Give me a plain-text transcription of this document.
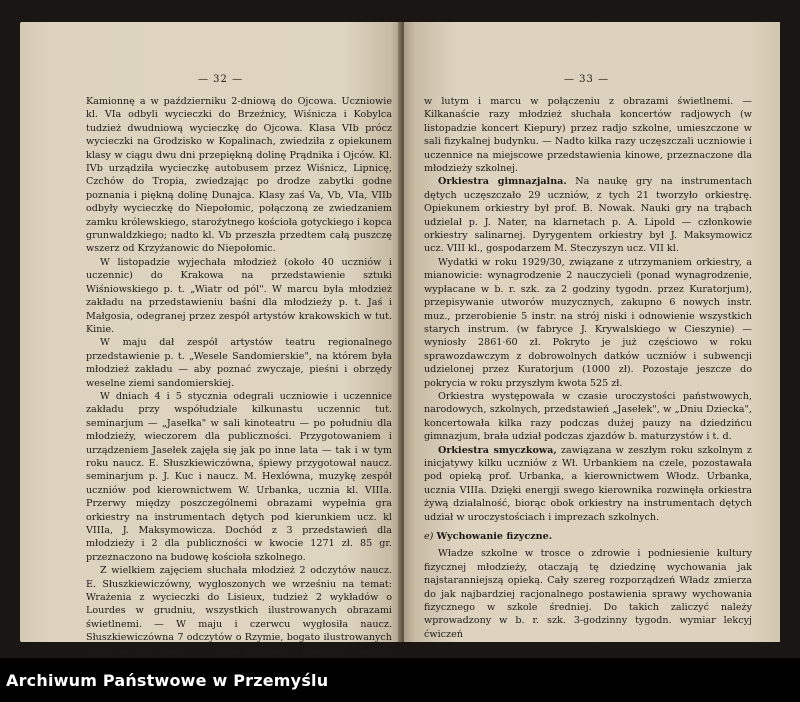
— 32 —

Kamionnę a w październiku 2-dniową do Ojcowa. Uczniowie kl. VIa odbyli wycieczki do Brzeźnicy, Wiśnicza i Kobylca tudzież dwudniową wycieczkę do Ojcowa. Klasa VIb prócz wycieczki na Grodzisko w Kopalinach, zwiedziła z opiekunem klasy w ciągu dwu dni przepiękną dolinę Prądnika i Ojców. Kl. IVb urządziła wycieczkę autobusem przez Wiśnicz, Lipnicę, Czchów do Tropia, zwiedzając po drodze zabytki godne poznania i piękną dolinę Dunajca. Klasy zaś Va, Vb, VIa, VIIb odbyły wycieczkę do Niepołomic, połączoną ze zwiedzaniem zamku królewskiego, staroźytnego kościoła gotyckiego i kopca grunwaldzkiego; nadto kl. Vb przeszła przedtem całą puszczę wszerz od Krzyżanowic do Niepołomic.

W listopadzie wyjechała młodzież (około 40 uczniów i uczennic) do Krakowa na przedstawienie sztuki Wiśniowskiego p. t. „Wiatr od pól". W marcu była młodzież zakładu na przedstawieniu baśni dla młodzieży p. t. Jaś i Małgosia, odegranej przez zespół artystów krakowskich w tut. Kinie.

W maju dał zespół artystów teatru regionalnego przedstawienie p. t. „Wesele Sandomierskie", na którem była młodzież zakładu — aby poznać zwyczaje, pieśni i obrzędy weselne ziemi sandomierskiej.

W dniach 4 i 5 stycznia odegrali uczniowie i uczennice zakładu przy współudziale kilkunastu uczennic tut. seminarjum — „Jasełka" w sali kinoteatru — po południu dla młodzieży, wieczorem dla publiczności. Przygotowaniem i urządzeniem Jasełek zajęła się jak po inne lata — tak i w tym roku naucz. E. Słuszkiewiczówna, śpiewy przygotował naucz. seminarjum p. J. Kuc i naucz. M. Hexlówna, muzykę zespół uczniów pod kierownictwem W. Urbanka, ucznia kl. VIIIa. Przerwy między poszczególnemi obrazami wypełnia gra orkiestry na instrumentach dętych pod kierunkiem ucz. kl VIIIa, J. Maksymowicza. Dochód z 3 przedstawień dla młodzieży i 2 dla publiczności w kwocie 1271 zł. 85 gr. przeznaczono na budowę kościoła szkolnego.

Z wielkiem zajęciem słuchała młodzież 2 odczytów naucz. E. Słuszkiewiczówny, wygłoszonych we wrześniu na temat: Wrażenia z wycieczki do Lisieux, tudzież 2 wykładów o Lourdes w grudniu, wszystkich ilustrowanych obrazami świetlnemi. — W maju i czerwcu wygłosiła naucz. Słuszkiewiczówna 7 odczytów o Rzymie, bogato ilustrowanych obrazami świetlnemi. — Wielką frekwencją młodzieży cieszyły

— 33 —

w lutym i marcu w połączeniu z obrazami świetlnemi. — Kilkanaście razy młodzież słuchała koncertów radjowych (w listopadzie koncert Kiepury) przez radjo szkolne, umieszczone w sali fizykalnej budynku. — Nadto kilka razy uczęszczali uczniowie i uczennice na miejscowe przedstawienia kinowe, przeznaczone dla młodzieży szkolnej.

Orkiestra gimnazjalna. Na naukę gry na instrumentach dętych uczęszczało 29 uczniów, z tych 21 tworzyło orkiestrę. Opiekunem orkiestry był prof. B. Nowak. Nauki gry na trąbach udzielał p. J. Nater, na klarnetach p. A. Lipold — członkowie orkiestry salinarnej. Dyrygentem orkiestry był J. Maksymowicz ucz. VIII kl., gospodarzem M. Steczyszyn ucz. VII kl.

Wydatki w roku 1929/30, związane z utrzymaniem orkiestry, a mianowicie: wynagrodzenie 2 nauczycieli (ponad wynagrodzenie, wypłacane w b. r. szk. za 2 godziny tygodn. przez Kuratorjum), przepisywanie utworów muzycznych, zakupno 6 nowych instr. muz., przerobienie 5 instr. na strój niski i odnowienie wszystkich starych instrum. (w fabryce J. Krywalskiego w Cieszynie) — wyniosły 2861·60 zł. Pokryto je już częściowo w roku sprawozdawczym z dobrowolnych datków uczniów i subwencji udzielonej przez Kuratorjum (1000 zł). Pozostaje jeszcze do pokrycia w roku przyszłym kwota 525 zł.

Orkiestra występowała w czasie uroczystości państwowych, narodowych, szkolnych, przedstawień „Jasełek", w „Dniu Dziecka", koncertowała kilka razy podczas dużej pauzy na dziedzińcu gimnazjum, brała udział podczas zjazdów b. maturzystów i t. d.

Orkiestra smyczkowa, zawiązana w zeszłym roku szkolnym z inicjatywy kilku uczniów z Wł. Urbankiem na czele, pozostawała pod opieką prof. Urbanka, a kierownictwem Włodz. Urbanka, ucznia VIIIa. Dzięki energji swego kierownika rozwinęła orkiestra żywą działalność, biorąc obok orkiestry na instrumentach dętych udział w uroczystościach i imprezach szkolnych.

e) Wychowanie fizyczne.

Władze szkolne w trosce o zdrowie i podniesienie kultury fizycznej młodzieży, otaczają tę dziedzinę wychowania jak najstaranniejszą opieką. Cały szereg rozporządzeń Władz zmierza do jak najbardziej racjonalnego postawienia sprawy wychowania fizycznego w szkole średniej. Do takich zaliczyć należy wprowadzony w b. r. szk. 3-godzinny tygodn. wymiar lekcyj ćwiczeń

Archiwum Państwowe w Przemyślu
